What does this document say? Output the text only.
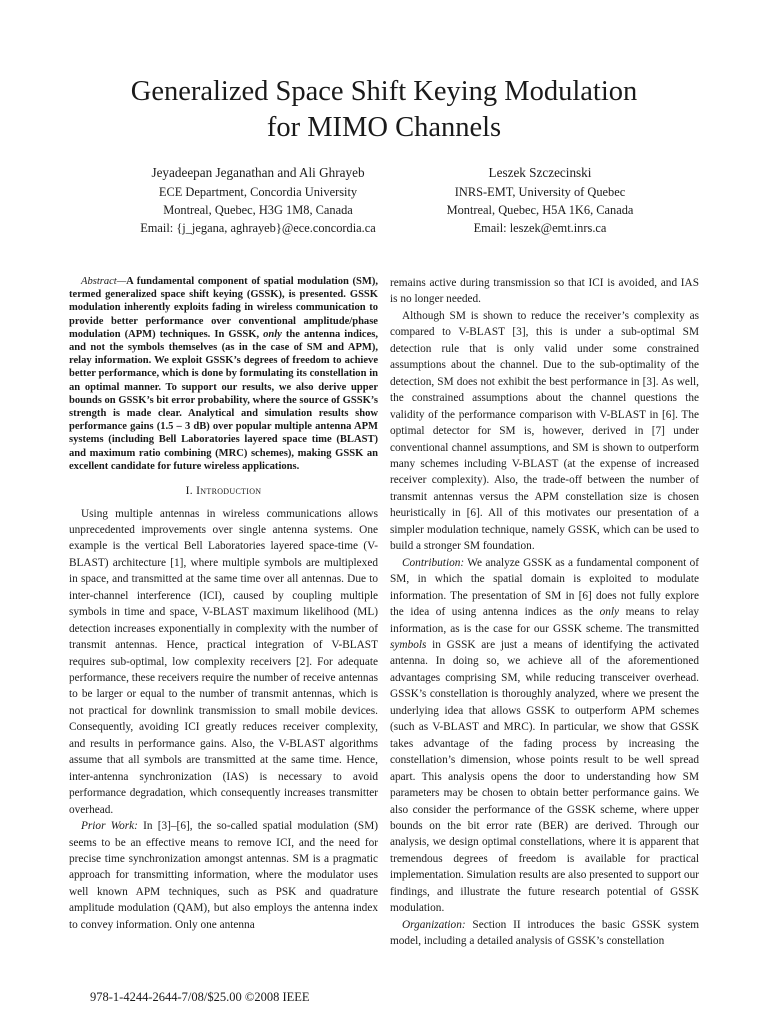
Generalized Space Shift Keying Modulation
for MIMO Channels
Jeyadeepan Jeganathan and Ali Ghrayeb
ECE Department, Concordia University
Montreal, Quebec, H3G 1M8, Canada
Email: {j_jegana, aghrayeb}@ece.concordia.ca
Leszek Szczecinski
INRS-EMT, University of Quebec
Montreal, Quebec, H5A 1K6, Canada
Email: leszek@emt.inrs.ca

Abstract—A fundamental component of spatial modulation (SM), termed generalized space shift keying (GSSK), is presented. GSSK modulation inherently exploits fading in wireless communication to provide better performance over conventional amplitude/phase modulation (APM) techniques. In GSSK, only the antenna indices, and not the symbols themselves (as in the case of SM and APM), relay information. We exploit GSSK’s degrees of freedom to achieve better performance, which is done by formulating its constellation in an optimal manner. To support our results, we also derive upper bounds on GSSK’s bit error probability, where the source of GSSK’s strength is made clear. Analytical and simulation results show performance gains (1.5 – 3 dB) over popular multiple antenna APM systems (including Bell Laboratories layered space time (BLAST) and maximum ratio combining (MRC) schemes), making GSSK an excellent candidate for future wireless applications.

I. Introduction

Using multiple antennas in wireless communications allows unprecedented improvements over single antenna systems. One example is the vertical Bell Laboratories layered space-time (V-BLAST) architecture [1], where multiple symbols are multiplexed in space, and transmitted at the same time over all antennas. Due to inter-channel interference (ICI), caused by coupling multiple symbols in time and space, V-BLAST maximum likelihood (ML) detection increases exponentially in complexity with the number of transmit antennas. Hence, practical integration of V-BLAST requires sub-optimal, low complexity receivers [2]. For adequate performance, these receivers require the number of receive antennas to be larger or equal to the number of transmit antennas, which is not practical for downlink transmission to small mobile devices. Consequently, avoiding ICI greatly reduces receiver complexity, and results in performance gains. Also, the V-BLAST algorithms assume that all symbols are transmitted at the same time. Hence, inter-antenna synchronization (IAS) is necessary to avoid performance degradation, which consequently increases transmitter overhead.

Prior Work: In [3]–[6], the so-called spatial modulation (SM) seems to be an effective means to remove ICI, and the need for precise time synchronization amongst antennas. SM is a pragmatic approach for transmitting information, where the modulator uses well known APM techniques, such as PSK and quadrature amplitude modulation (QAM), but also employs the antenna index to convey information. Only one antenna

remains active during transmission so that ICI is avoided, and IAS is no longer needed.

Although SM is shown to reduce the receiver’s complexity as compared to V-BLAST [3], this is under a sub-optimal SM detection rule that is only valid under some constrained assumptions about the channel. Due to the sub-optimality of the detection, SM does not exhibit the best performance in [3]. As well, the constrained assumptions about the channel questions the validity of the performance comparison with V-BLAST in [6]. The optimal detector for SM is, however, derived in [7] under conventional channel assumptions, and SM is shown to outperform many schemes including V-BLAST (at the expense of increased receiver complexity). Also, the trade-off between the number of transmit antennas versus the APM constellation size is chosen heuristically in [6]. All of this motivates our presentation of a simpler modulation technique, namely GSSK, which can be used to build a stronger SM foundation.

Contribution: We analyze GSSK as a fundamental component of SM, in which the spatial domain is exploited to modulate information. The presentation of SM in [6] does not fully explore the idea of using antenna indices as the only means to relay information, as is the case for our GSSK scheme. The transmitted symbols in GSSK are just a means of identifying the activated antenna. In doing so, we achieve all of the aforementioned advantages comprising SM, while reducing transceiver overhead. GSSK’s constellation is thoroughly analyzed, where we present the underlying idea that allows GSSK to outperform APM schemes (such as V-BLAST and MRC). In particular, we show that GSSK takes advantage of the fading process by increasing the constellation’s dimension, whose points result to be well spread apart. This analysis opens the door to understanding how SM parameters may be chosen to obtain better performance gains. We also consider the performance of the GSSK scheme, where upper bounds on the bit error rate (BER) are derived. Through our analysis, we design optimal constellations, where it is apparent that tremendous degrees of freedom is available for practical implementation. Simulation results are also presented to support our findings, and illustrate the future research potential of GSSK modulation.

Organization: Section II introduces the basic GSSK system model, including a detailed analysis of GSSK’s constellation

978-1-4244-2644-7/08/$25.00 ©2008 IEEE
